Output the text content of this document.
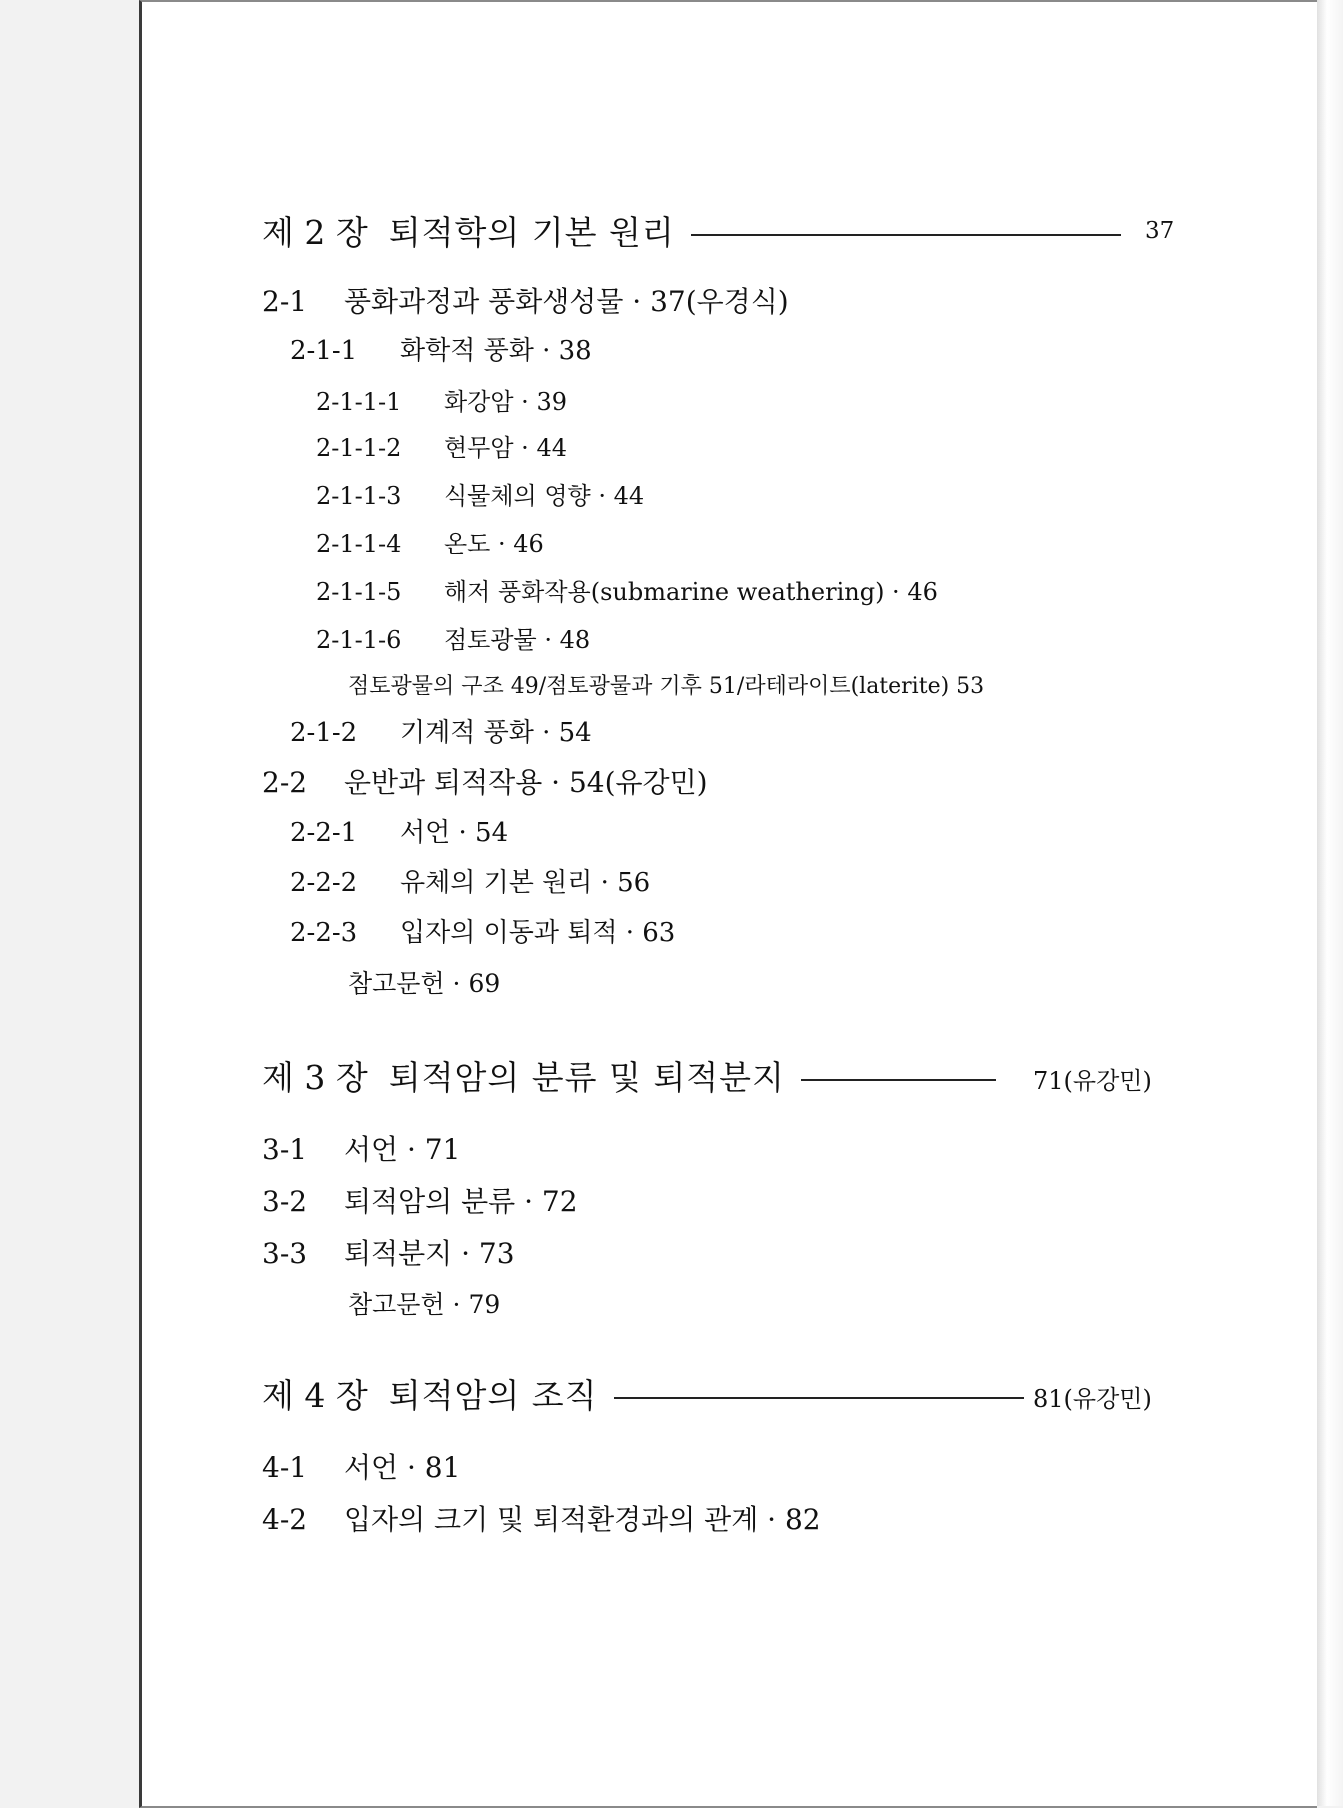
제 2 장 퇴적학의 기본 원리	37
2-1 풍화과정과 풍화생성물 · 37(우경식)
2-1-1 화학적 풍화 · 38
2-1-1-1 화강암 · 39
2-1-1-2 현무암 · 44
2-1-1-3 식물체의 영향 · 44
2-1-1-4 온도 · 46
2-1-1-5 해저 풍화작용(submarine weathering) · 46
2-1-1-6 점토광물 · 48
점토광물의 구조 49/점토광물과 기후 51/라테라이트(laterite) 53
2-1-2 기계적 풍화 · 54
2-2 운반과 퇴적작용 · 54(유강민)
2-2-1 서언 · 54
2-2-2 유체의 기본 원리 · 56
2-2-3 입자의 이동과 퇴적 · 63
참고문헌 · 69
제 3 장 퇴적암의 분류 및 퇴적분지	71(유강민)
3-1 서언 · 71
3-2 퇴적암의 분류 · 72
3-3 퇴적분지 · 73
참고문헌 · 79
제 4 장 퇴적암의 조직	81(유강민)
4-1 서언 · 81
4-2 입자의 크기 및 퇴적환경과의 관계 · 82
